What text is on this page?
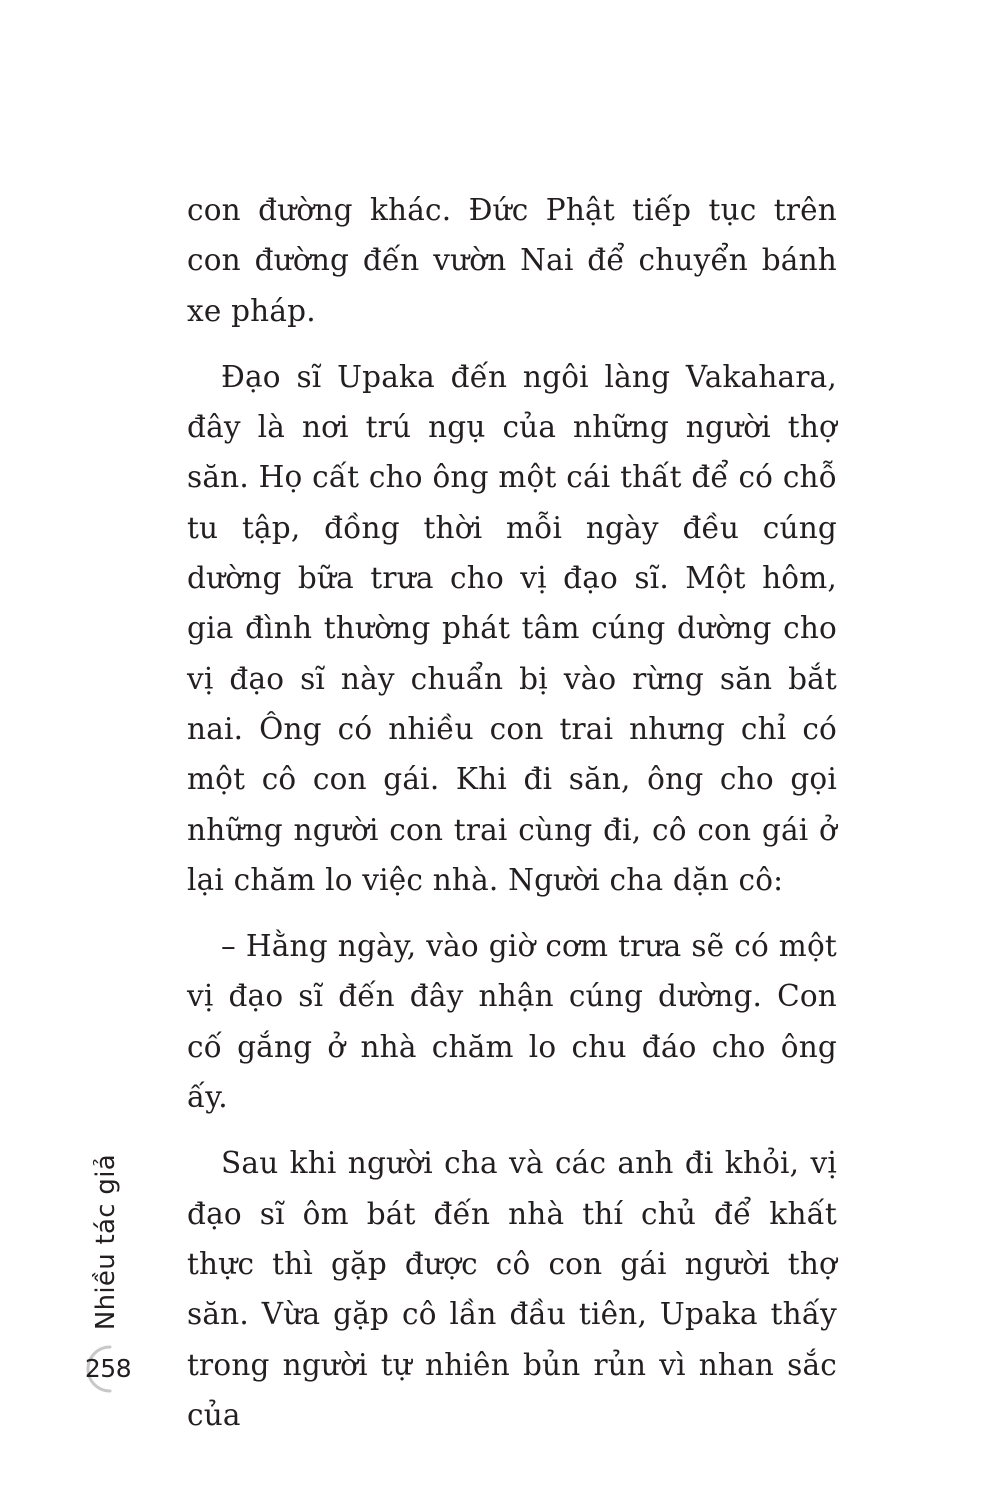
con đường khác. Đức Phật tiếp tục trên con đường đến vườn Nai để chuyển bánh xe pháp.

Đạo sĩ Upaka đến ngôi làng Vakahara, đây là nơi trú ngụ của những người thợ săn. Họ cất cho ông một cái thất để có chỗ tu tập, đồng thời mỗi ngày đều cúng dường bữa trưa cho vị đạo sĩ. Một hôm, gia đình thường phát tâm cúng dường cho vị đạo sĩ này chuẩn bị vào rừng săn bắt nai. Ông có nhiều con trai nhưng chỉ có một cô con gái. Khi đi săn, ông cho gọi những người con trai cùng đi, cô con gái ở lại chăm lo việc nhà. Người cha dặn cô:

– Hằng ngày, vào giờ cơm trưa sẽ có một vị đạo sĩ đến đây nhận cúng dường. Con cố gắng ở nhà chăm lo chu đáo cho ông ấy.

Sau khi người cha và các anh đi khỏi, vị đạo sĩ ôm bát đến nhà thí chủ để khất thực thì gặp được cô con gái người thợ săn. Vừa gặp cô lần đầu tiên, Upaka thấy trong người tự nhiên bủn rủn vì nhan sắc của

Nhiều tác giả
258
